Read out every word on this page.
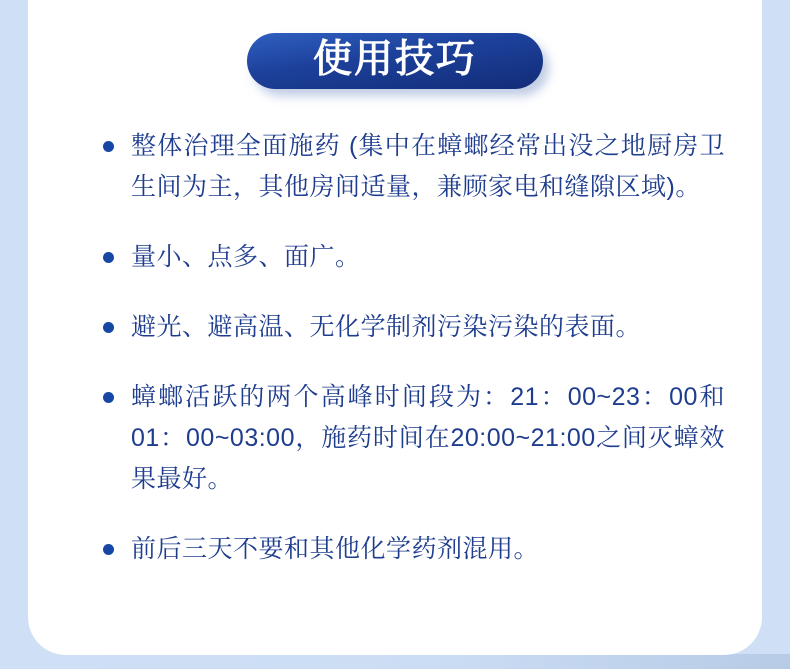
使用技巧
整体治理全面施药 (集中在蟑螂经常出没之地厨房卫生间为主，其他房间适量，兼顾家电和缝隙区域)。
量小、点多、面广。
避光、避高温、无化学制剂污染污染的表面。
蟑螂活跃的两个高峰时间段为：21：00~23：00和01：00~03:00，施药时间在20:00~21:00之间灭蟑效果最好。
前后三天不要和其他化学药剂混用。
